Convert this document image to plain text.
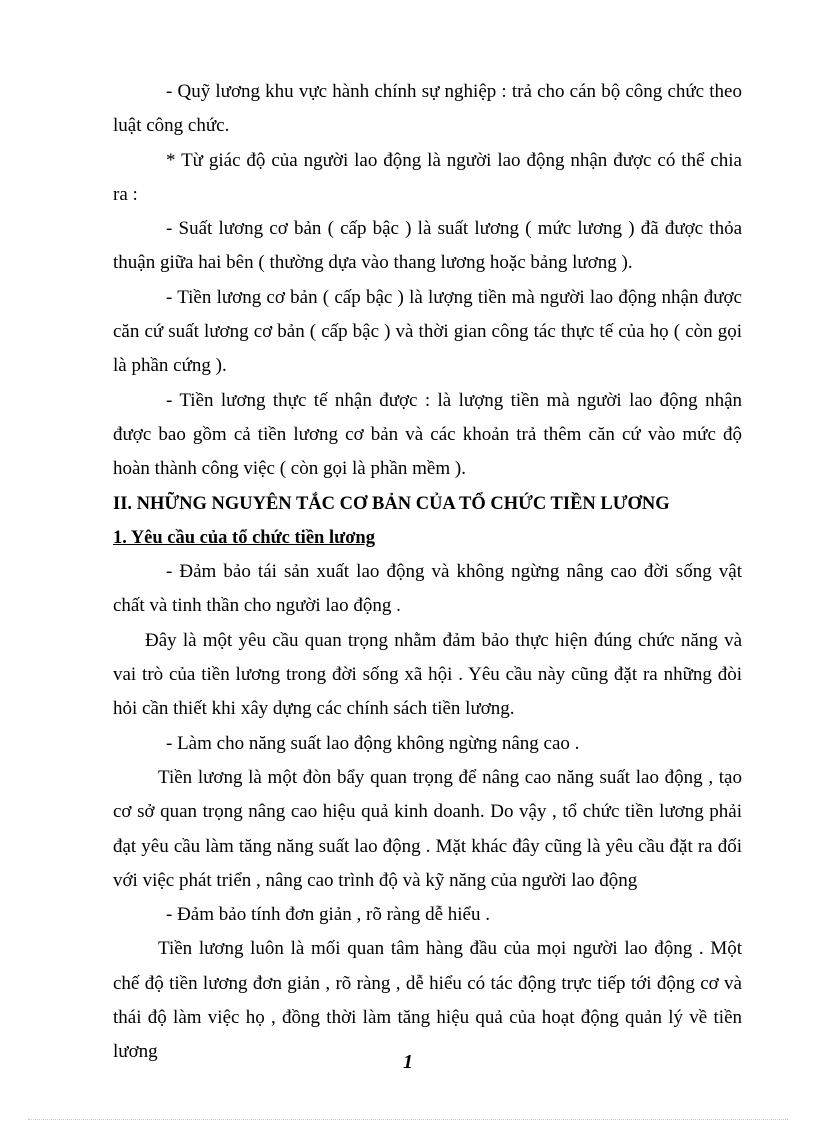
- Quỹ lương khu vực hành chính sự nghiệp : trả cho cán bộ công chức theo luật công chức.

* Từ giác độ của người lao động là người lao động nhận được có thể chia ra :

- Suất lương cơ bản ( cấp bậc ) là suất lương ( mức lương ) đã được thỏa thuận giữa hai bên ( thường dựa vào thang lương hoặc bảng lương ).

- Tiền lương cơ bản ( cấp bậc ) là lượng tiền mà người lao động nhận được căn cứ suất lương cơ bản ( cấp bậc ) và thời gian công tác thực tế của họ ( còn gọi là phần cứng ).

- Tiền lương thực tế nhận được : là lượng tiền mà người lao động nhận được bao gồm cả tiền lương cơ bản và các khoản trả thêm căn cứ vào mức độ hoàn thành công việc ( còn gọi là phần mềm ).

II. NHỮNG NGUYÊN TẮC CƠ BẢN CỦA TỔ CHỨC TIỀN LƯƠNG

1. Yêu cầu của tổ chức tiền lương

- Đảm bảo tái sản xuất lao động và không ngừng nâng cao đời sống vật chất và tinh thần cho người lao động .

Đây là một yêu cầu quan trọng nhằm đảm bảo thực hiện đúng chức năng và vai trò của tiền lương trong đời sống xã hội . Yêu cầu này cũng đặt ra những đòi hỏi cần thiết khi xây dựng các chính sách tiền lương.

- Làm cho năng suất lao động không ngừng nâng cao .

Tiền lương là một đòn bẩy quan trọng để nâng cao năng suất lao động , tạo cơ sở quan trọng nâng cao hiệu quả kinh doanh. Do vậy , tổ chức tiền lương phải đạt yêu cầu làm tăng năng suất lao động . Mặt khác đây cũng là yêu cầu đặt ra đối với việc phát triển , nâng cao trình độ và kỹ năng của người lao động

- Đảm bảo tính đơn giản , rõ ràng dễ hiểu .

Tiền lương luôn là mối quan tâm hàng đầu của mọi người lao động . Một chế độ tiền lương đơn giản , rõ ràng , dễ hiểu có tác động trực tiếp tới động cơ và thái độ làm việc họ , đồng thời làm tăng hiệu quả của hoạt động quản lý về tiền lương	1
